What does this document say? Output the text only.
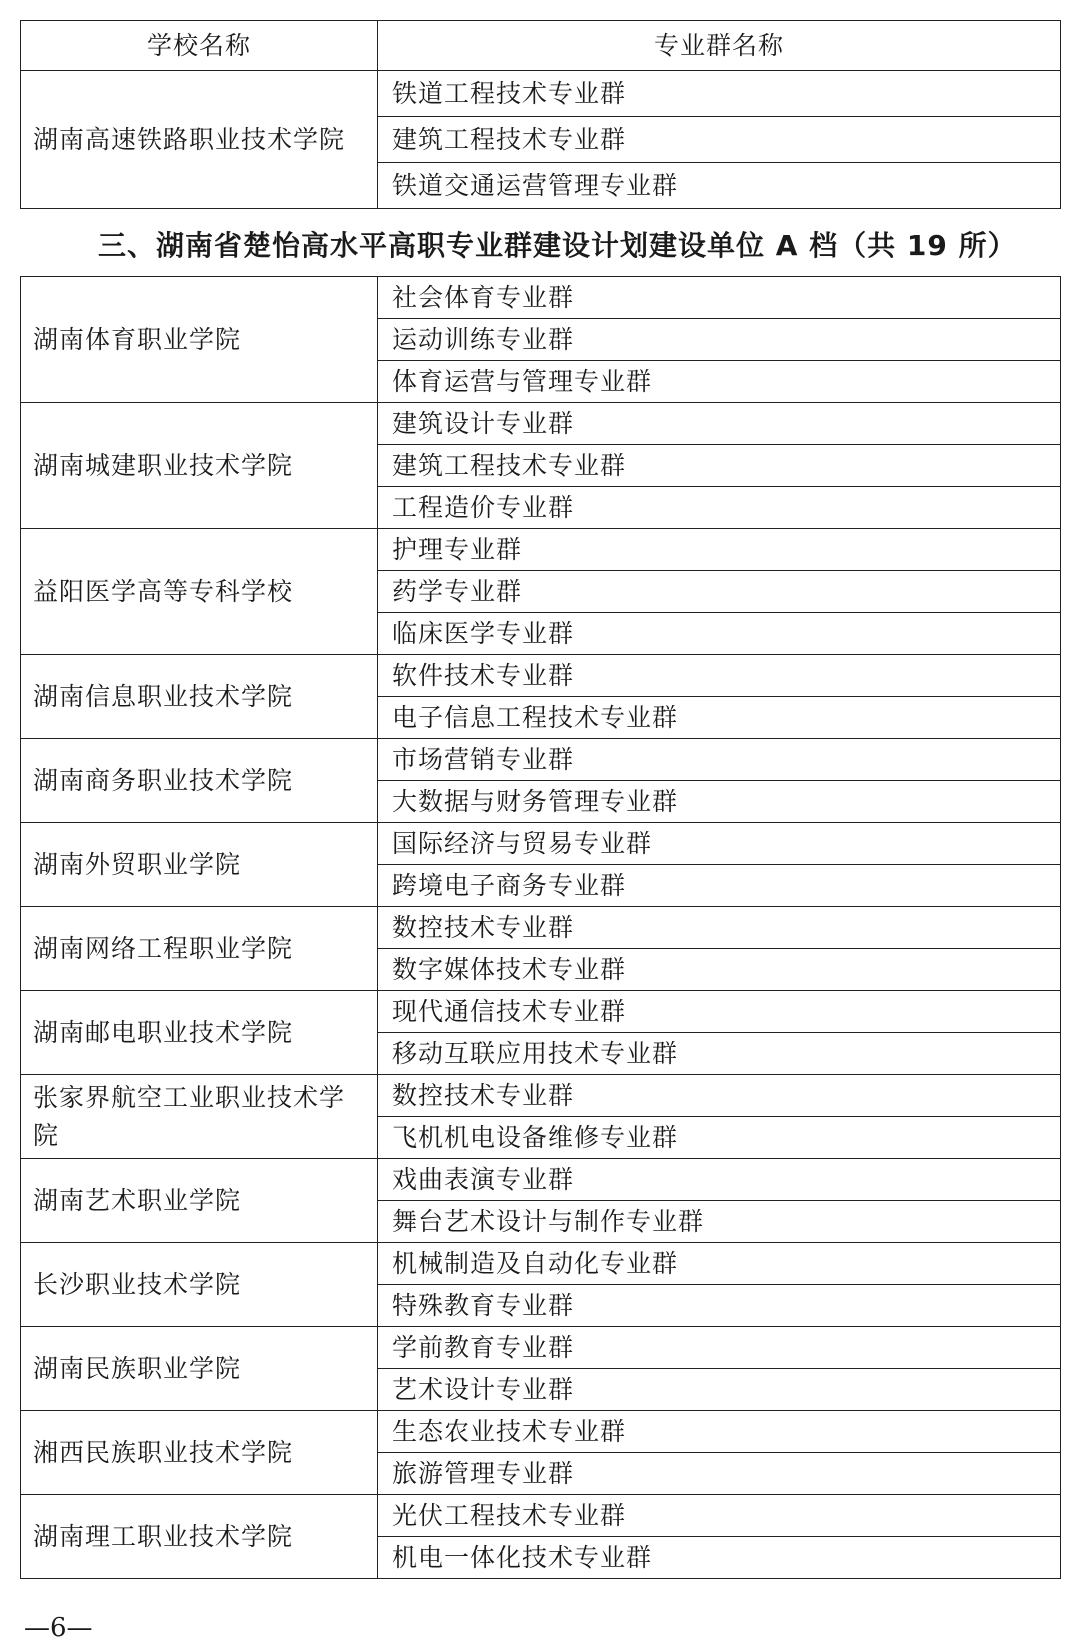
学校名称	专业群名称
湖南高速铁路职业技术学院	铁道工程技术专业群
	建筑工程技术专业群
	铁道交通运营管理专业群
三、湖南省楚怡高水平高职专业群建设计划建设单位 A 档（共 19 所）
湖南体育职业学院	社会体育专业群
	运动训练专业群
	体育运营与管理专业群
湖南城建职业技术学院	建筑设计专业群
	建筑工程技术专业群
	工程造价专业群
益阳医学高等专科学校	护理专业群
	药学专业群
	临床医学专业群
湖南信息职业技术学院	软件技术专业群
	电子信息工程技术专业群
湖南商务职业技术学院	市场营销专业群
	大数据与财务管理专业群
湖南外贸职业学院	国际经济与贸易专业群
	跨境电子商务专业群
湖南网络工程职业学院	数控技术专业群
	数字媒体技术专业群
湖南邮电职业技术学院	现代通信技术专业群
	移动互联应用技术专业群
张家界航空工业职业技术学院	数控技术专业群
	飞机机电设备维修专业群
湖南艺术职业学院	戏曲表演专业群
	舞台艺术设计与制作专业群
长沙职业技术学院	机械制造及自动化专业群
	特殊教育专业群
湖南民族职业学院	学前教育专业群
	艺术设计专业群
湘西民族职业技术学院	生态农业技术专业群
	旅游管理专业群
湖南理工职业技术学院	光伏工程技术专业群
	机电一体化技术专业群
—6—
